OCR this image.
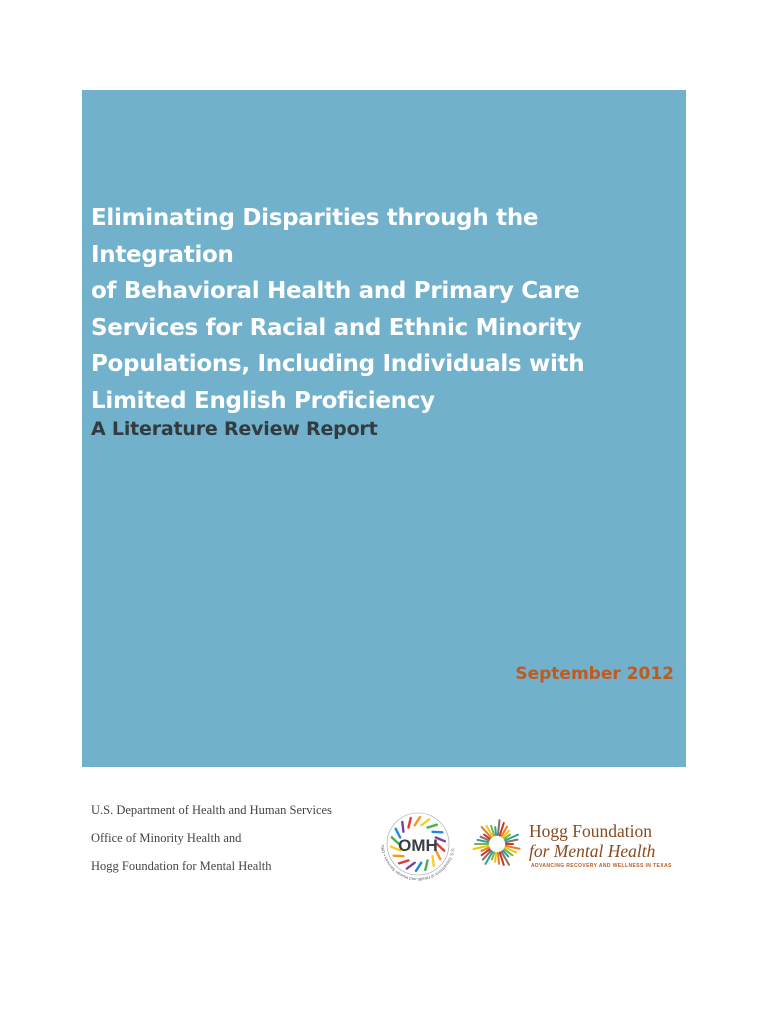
Eliminating Disparities through the Integration
of Behavioral Health and Primary Care
Services for Racial and Ethnic Minority
Populations, Including Individuals with
Limited English Proficiency
A Literature Review Report
September 2012
U.S. Department of Health and Human Services
Office of Minority Health and
Hogg Foundation for Mental Health
OMH	U.S. Department of Health and Human Services • Offic
Hogg Foundation
for Mental Health
ADVANCING RECOVERY AND WELLNESS IN TEXAS
